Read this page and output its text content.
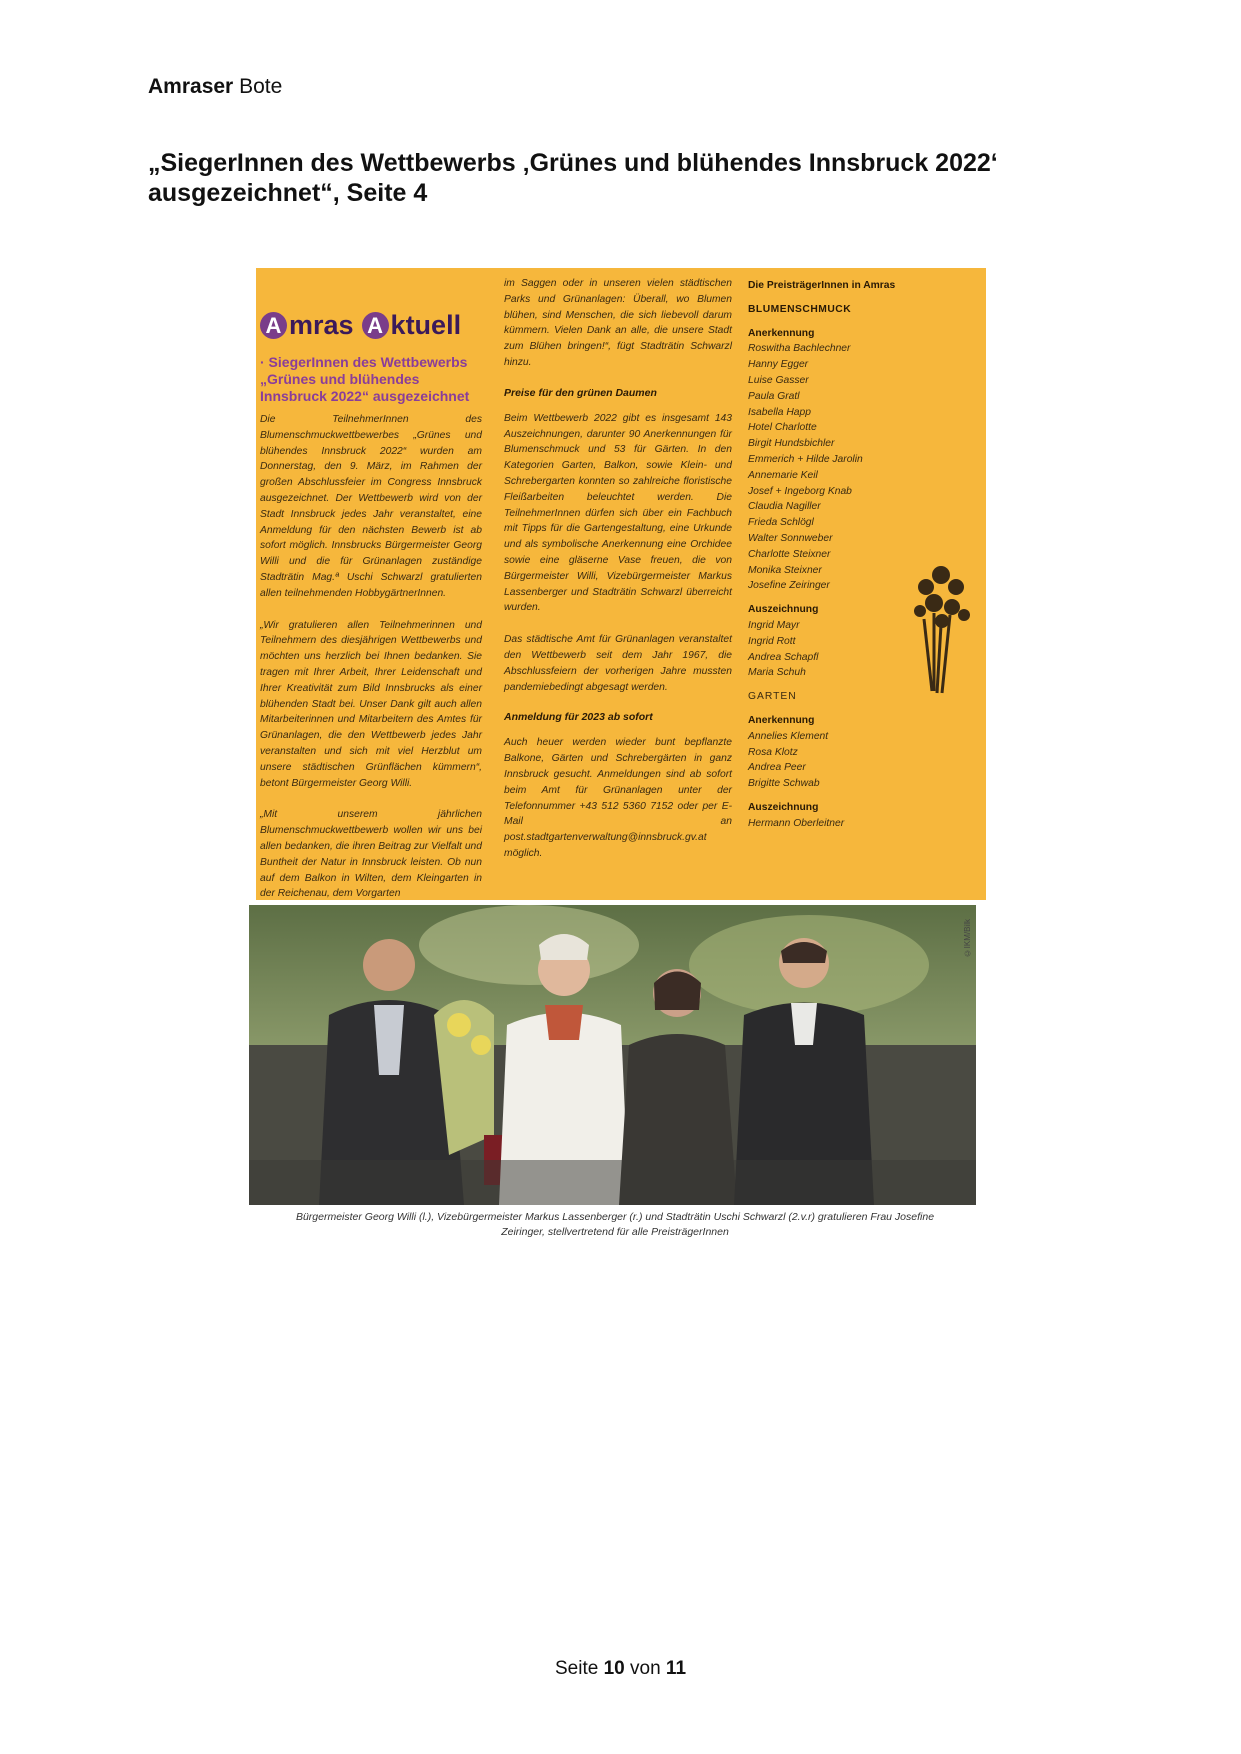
Amraser Bote
„SiegerInnen des Wettbewerbs ‚Grünes und blühendes Innsbruck 2022‘ ausgezeichnet“, Seite 4
A mras A ktuell
· SiegerInnen des Wettbewerbs „Grünes und blühendes Innsbruck 2022“ ausgezeichnet

Die TeilnehmerInnen des Blumenschmuckwettbewerbes „Grünes und blühendes Innsbruck 2022“ wurden am Donnerstag, den 9. März, im Rahmen der großen Abschlussfeier im Congress Innsbruck ausgezeichnet. Der Wettbewerb wird von der Stadt Innsbruck jedes Jahr veranstaltet, eine Anmeldung für den nächsten Bewerb ist ab sofort möglich. Innsbrucks Bürgermeister Georg Willi und die für Grünanlagen zuständige Stadträtin Mag.ª Uschi Schwarzl gratulierten allen teilnehmenden HobbygärtnerInnen.

„Wir gratulieren allen Teilnehmerinnen und Teilnehmern des diesjährigen Wettbewerbs und möchten uns herzlich bei Ihnen bedanken. Sie tragen mit Ihrer Arbeit, Ihrer Leidenschaft und Ihrer Kreativität zum Bild Innsbrucks als einer blühenden Stadt bei. Unser Dank gilt auch allen Mitarbeiterinnen und Mitarbeitern des Amtes für Grünanlagen, die den Wettbewerb jedes Jahr veranstalten und sich mit viel Herzblut um unsere städtischen Grünflächen kümmern“, betont Bürgermeister Georg Willi.

„Mit unserem jährlichen Blumenschmuckwettbewerb wollen wir uns bei allen bedanken, die ihren Beitrag zur Vielfalt und Buntheit der Natur in Innsbruck leisten. Ob nun auf dem Balkon in Wilten, dem Kleingarten in der Reichenau, dem Vorgarten

im Saggen oder in unseren vielen städtischen Parks und Grünanlagen: Überall, wo Blumen blühen, sind Menschen, die sich liebevoll darum kümmern. Vielen Dank an alle, die unsere Stadt zum Blühen bringen!“, fügt Stadträtin Schwarzl hinzu.

Preise für den grünen Daumen

Beim Wettbewerb 2022 gibt es insgesamt 143 Auszeichnungen, darunter 90 Anerkennungen für Blumenschmuck und 53 für Gärten. In den Kategorien Garten, Balkon, sowie Klein- und Schrebergarten konnten so zahlreiche floristische Fleißarbeiten beleuchtet werden. Die TeilnehmerInnen dürfen sich über ein Fachbuch mit Tipps für die Gartengestaltung, eine Urkunde und als symbolische Anerkennung eine Orchidee sowie eine gläserne Vase freuen, die von Bürgermeister Willi, Vizebürgermeister Markus Lassenberger und Stadträtin Schwarzl überreicht wurden.

Das städtische Amt für Grünanlagen veranstaltet den Wettbewerb seit dem Jahr 1967, die Abschlussfeiern der vorherigen Jahre mussten pandemiebedingt abgesagt werden.

Anmeldung für 2023 ab sofort

Auch heuer werden wieder bunt bepflanzte Balkone, Gärten und Schrebergärten in ganz Innsbruck gesucht. Anmeldungen sind ab sofort beim Amt für Grünanlagen unter der Telefonnummer +43 512 5360 7152 oder per E-Mail an post.stadtgartenverwaltung@innsbruck.gv.at möglich.

Die PreisträgerInnen in Amras
BLUMENSCHMUCK
Anerkennung
Roswitha Bachlechner
Hanny Egger
Luise Gasser
Paula Gratl
Isabella Happ
Hotel Charlotte
Birgit Hundsbichler
Emmerich + Hilde Jarolin
Annemarie Keil
Josef + Ingeborg Knab
Claudia Nagiller
Frieda Schlögl
Walter Sonnweber
Charlotte Steixner
Monika Steixner
Josefine Zeiringer
Auszeichnung
Ingrid Mayr
Ingrid Rott
Andrea Schapfl
Maria Schuh
GARTEN
Anerkennung
Annelies Klement
Rosa Klotz
Andrea Peer
Brigitte Schwab
Auszeichnung
Hermann Oberleitner
©IKM/Bilk
Bürgermeister Georg Willi (l.), Vizebürgermeister Markus Lassenberger (r.) und Stadträtin Uschi Schwarzl (2.v.r) gratulieren Frau Josefine Zeiringer, stellvertretend für alle PreisträgerInnen
Seite 10 von 11
